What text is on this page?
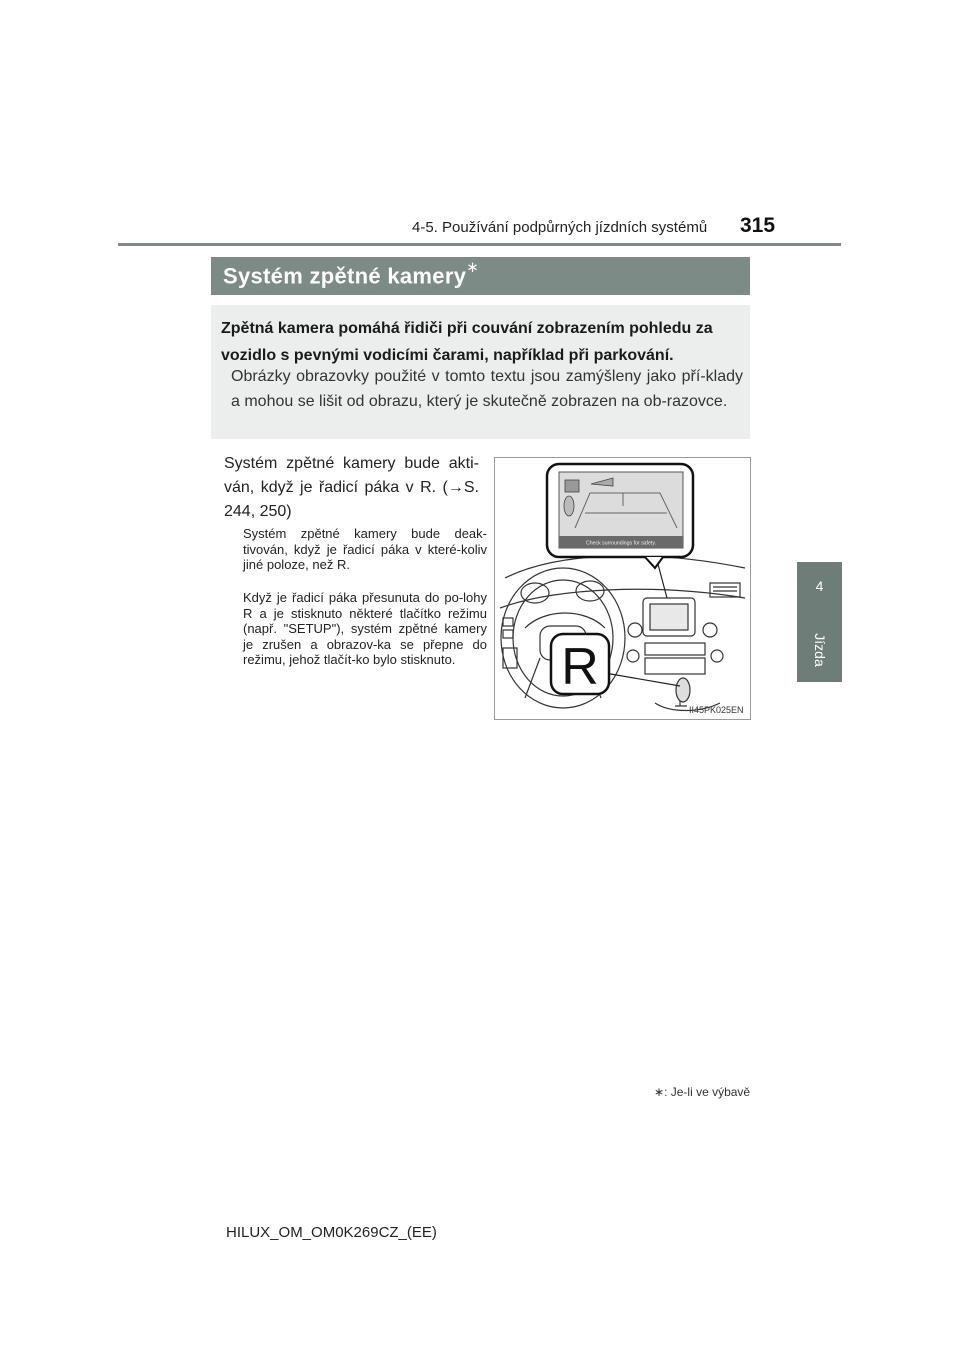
4-5. Používání podpůrných jízdních systémů 315
4
Jízda
Systém zpětné kamery∗
Zpětná kamera pomáhá řidiči při couvání zobrazením pohledu za vozidlo s pevnými vodicími čarami, například při parkování.
Obrázky obrazovky použité v tomto textu jsou zamýšleny jako pří-klady a mohou se lišit od obrazu, který je skutečně zobrazen na ob-razovce.
Systém zpětné kamery bude akti-ván, když je řadicí páka v R. (→S. 244, 250)
Systém zpětné kamery bude deak-tivován, když je řadicí páka v které-koliv jiné poloze, než R.
Když je řadicí páka přesunuta do po-lohy R a je stisknuto některé tlačítko režimu (např. "SETUP"), systém zpětné kamery je zrušen a obrazov-ka se přepne do režimu, jehož tlačít-ko bylo stisknuto.
Check surroundings for safety.
R
II45PK025EN
∗: Je-li ve výbavě
HILUX_OM_OM0K269CZ_(EE)
